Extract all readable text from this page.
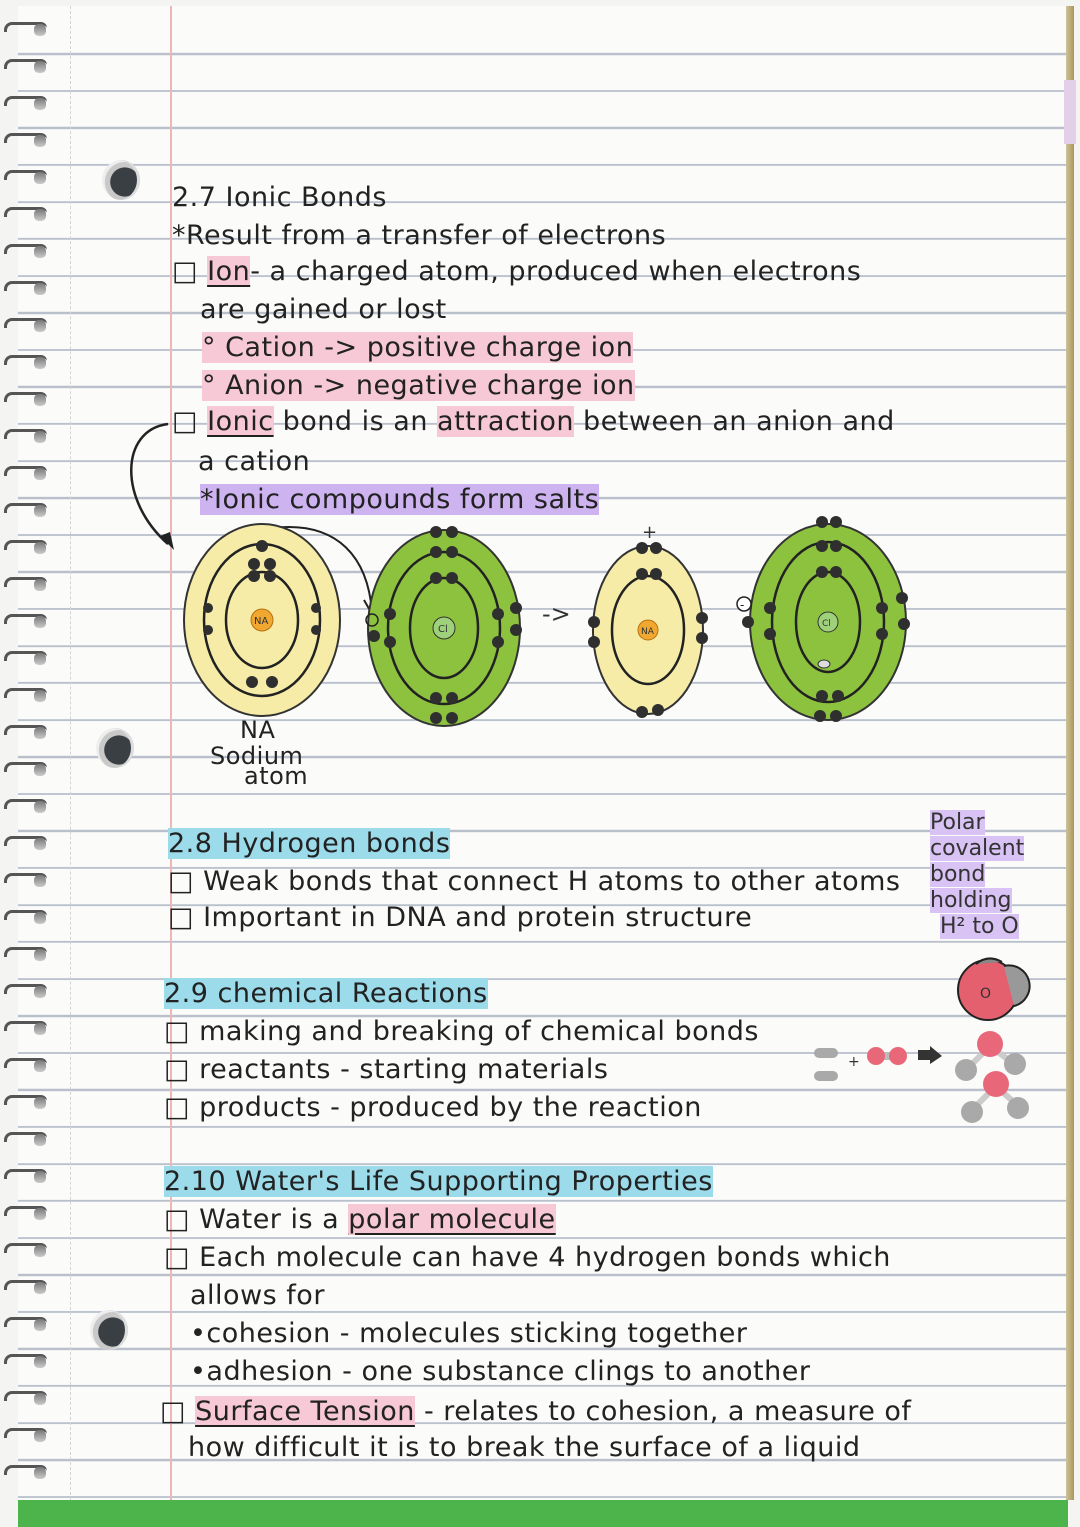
2.7 Ionic Bonds
*Result from a transfer of electrons
□ Ion- a charged atom, produced when electrons
are gained or lost
° Cation -> positive charge ion
° Anion -> negative charge ion
□ Ionic bond is an attraction between an anion and
a cation
*Ionic compounds form salts
NA
Cl
->
NA
+
Cl
-
NA
Sodium
atom
2.8 Hydrogen bonds
□ Weak bonds that connect H atoms to other atoms
□ Important in DNA and protein structure
Polar
covalent
bond
holding
H² to O
O
2.9 chemical Reactions
□ making and breaking of chemical bonds
□ reactants - starting materials
□ products - produced by the reaction
+
2.10 Water's Life Supporting Properties
□ Water is a polar molecule
□ Each molecule can have 4 hydrogen bonds which
allows for
•cohesion - molecules sticking together
•adhesion - one substance clings to another
□ Surface Tension - relates to cohesion, a measure of
how difficult it is to break the surface of a liquid
